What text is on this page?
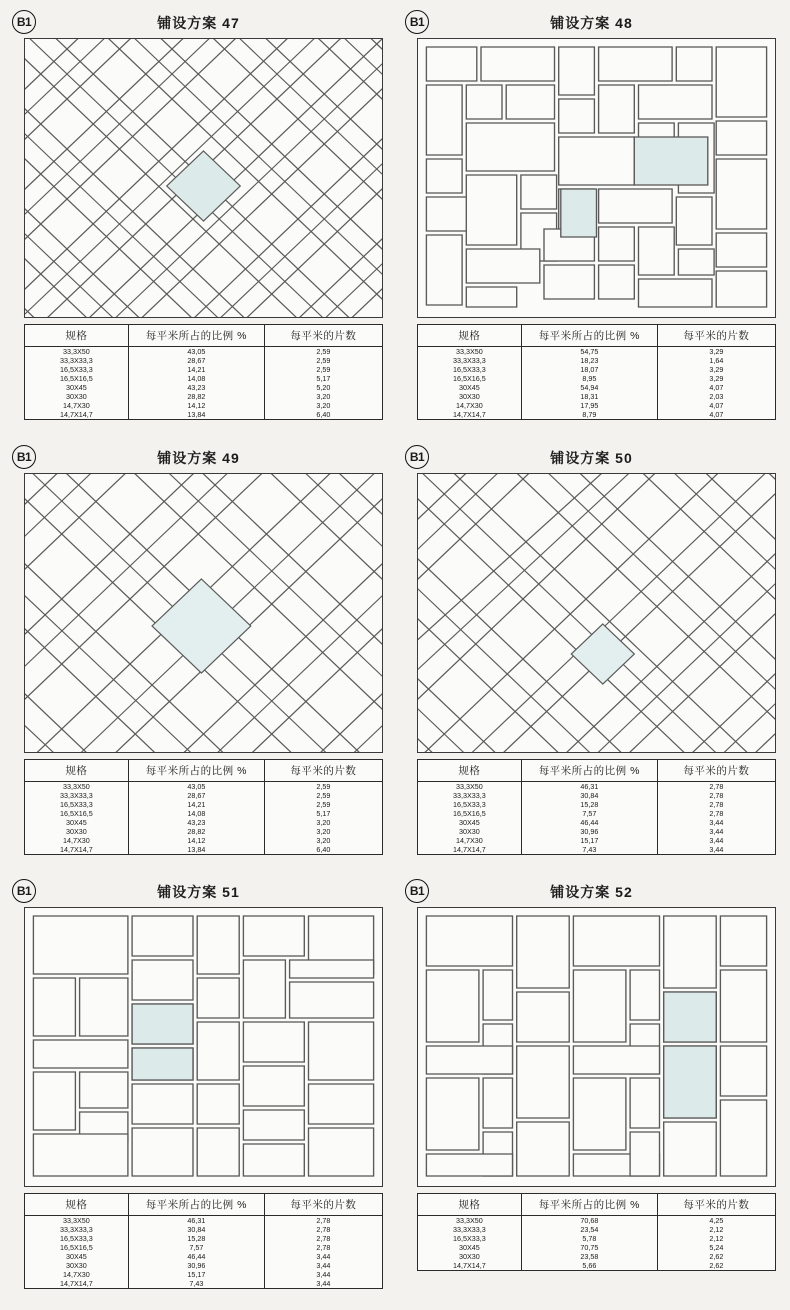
B1	铺设方案 47
规格	每平米所占的比例 %	每平米的片数
33,3X50	43,05	2,59
33,3X33,3	28,67	2,59
16,5X33,3	14,21	2,59
16,5X16,5	14,08	5,17
30X45	43,23	5,20
30X30	28,82	3,20
14,7X30	14,12	3,20
14,7X14,7	13,84	6,40
B1	铺设方案 48
规格	每平米所占的比例 %	每平米的片数
33,3X50	54,75	3,29
33,3X33,3	18,23	1,64
16,5X33,3	18,07	3,29
16,5X16,5	8,95	3,29
30X45	54,94	4,07
30X30	18,31	2,03
14,7X30	17,95	4,07
14,7X14,7	8,79	4,07
B1	铺设方案 49
规格	每平米所占的比例 %	每平米的片数
33,3X50	43,05	2,59
33,3X33,3	28,67	2,59
16,5X33,3	14,21	2,59
16,5X16,5	14,08	5,17
30X45	43,23	3,20
30X30	28,82	3,20
14,7X30	14,12	3,20
14,7X14,7	13,84	6,40
B1	铺设方案 50
规格	每平米所占的比例 %	每平米的片数
33,3X50	46,31	2,78
33,3X33,3	30,84	2,78
16,5X33,3	15,28	2,78
16,5X16,5	7,57	2,78
30X45	46,44	3,44
30X30	30,96	3,44
14,7X30	15,17	3,44
14,7X14,7	7,43	3,44
B1	铺设方案 51
规格	每平米所占的比例 %	每平米的片数
33,3X50	46,31	2,78
33,3X33,3	30,84	2,78
16,5X33,3	15,28	2,78
16,5X16,5	7,57	2,78
30X45	46,44	3,44
30X30	30,96	3,44
14,7X30	15,17	3,44
14,7X14,7	7,43	3,44
B1	铺设方案 52
规格	每平米所占的比例 %	每平米的片数
33,3X50	70,68	4,25
33,3X33,3	23,54	2,12
16,5X33,3	5,78	2,12
30X45	70,75	5,24
30X30	23,58	2,62
14,7X14,7	5,66	2,62
